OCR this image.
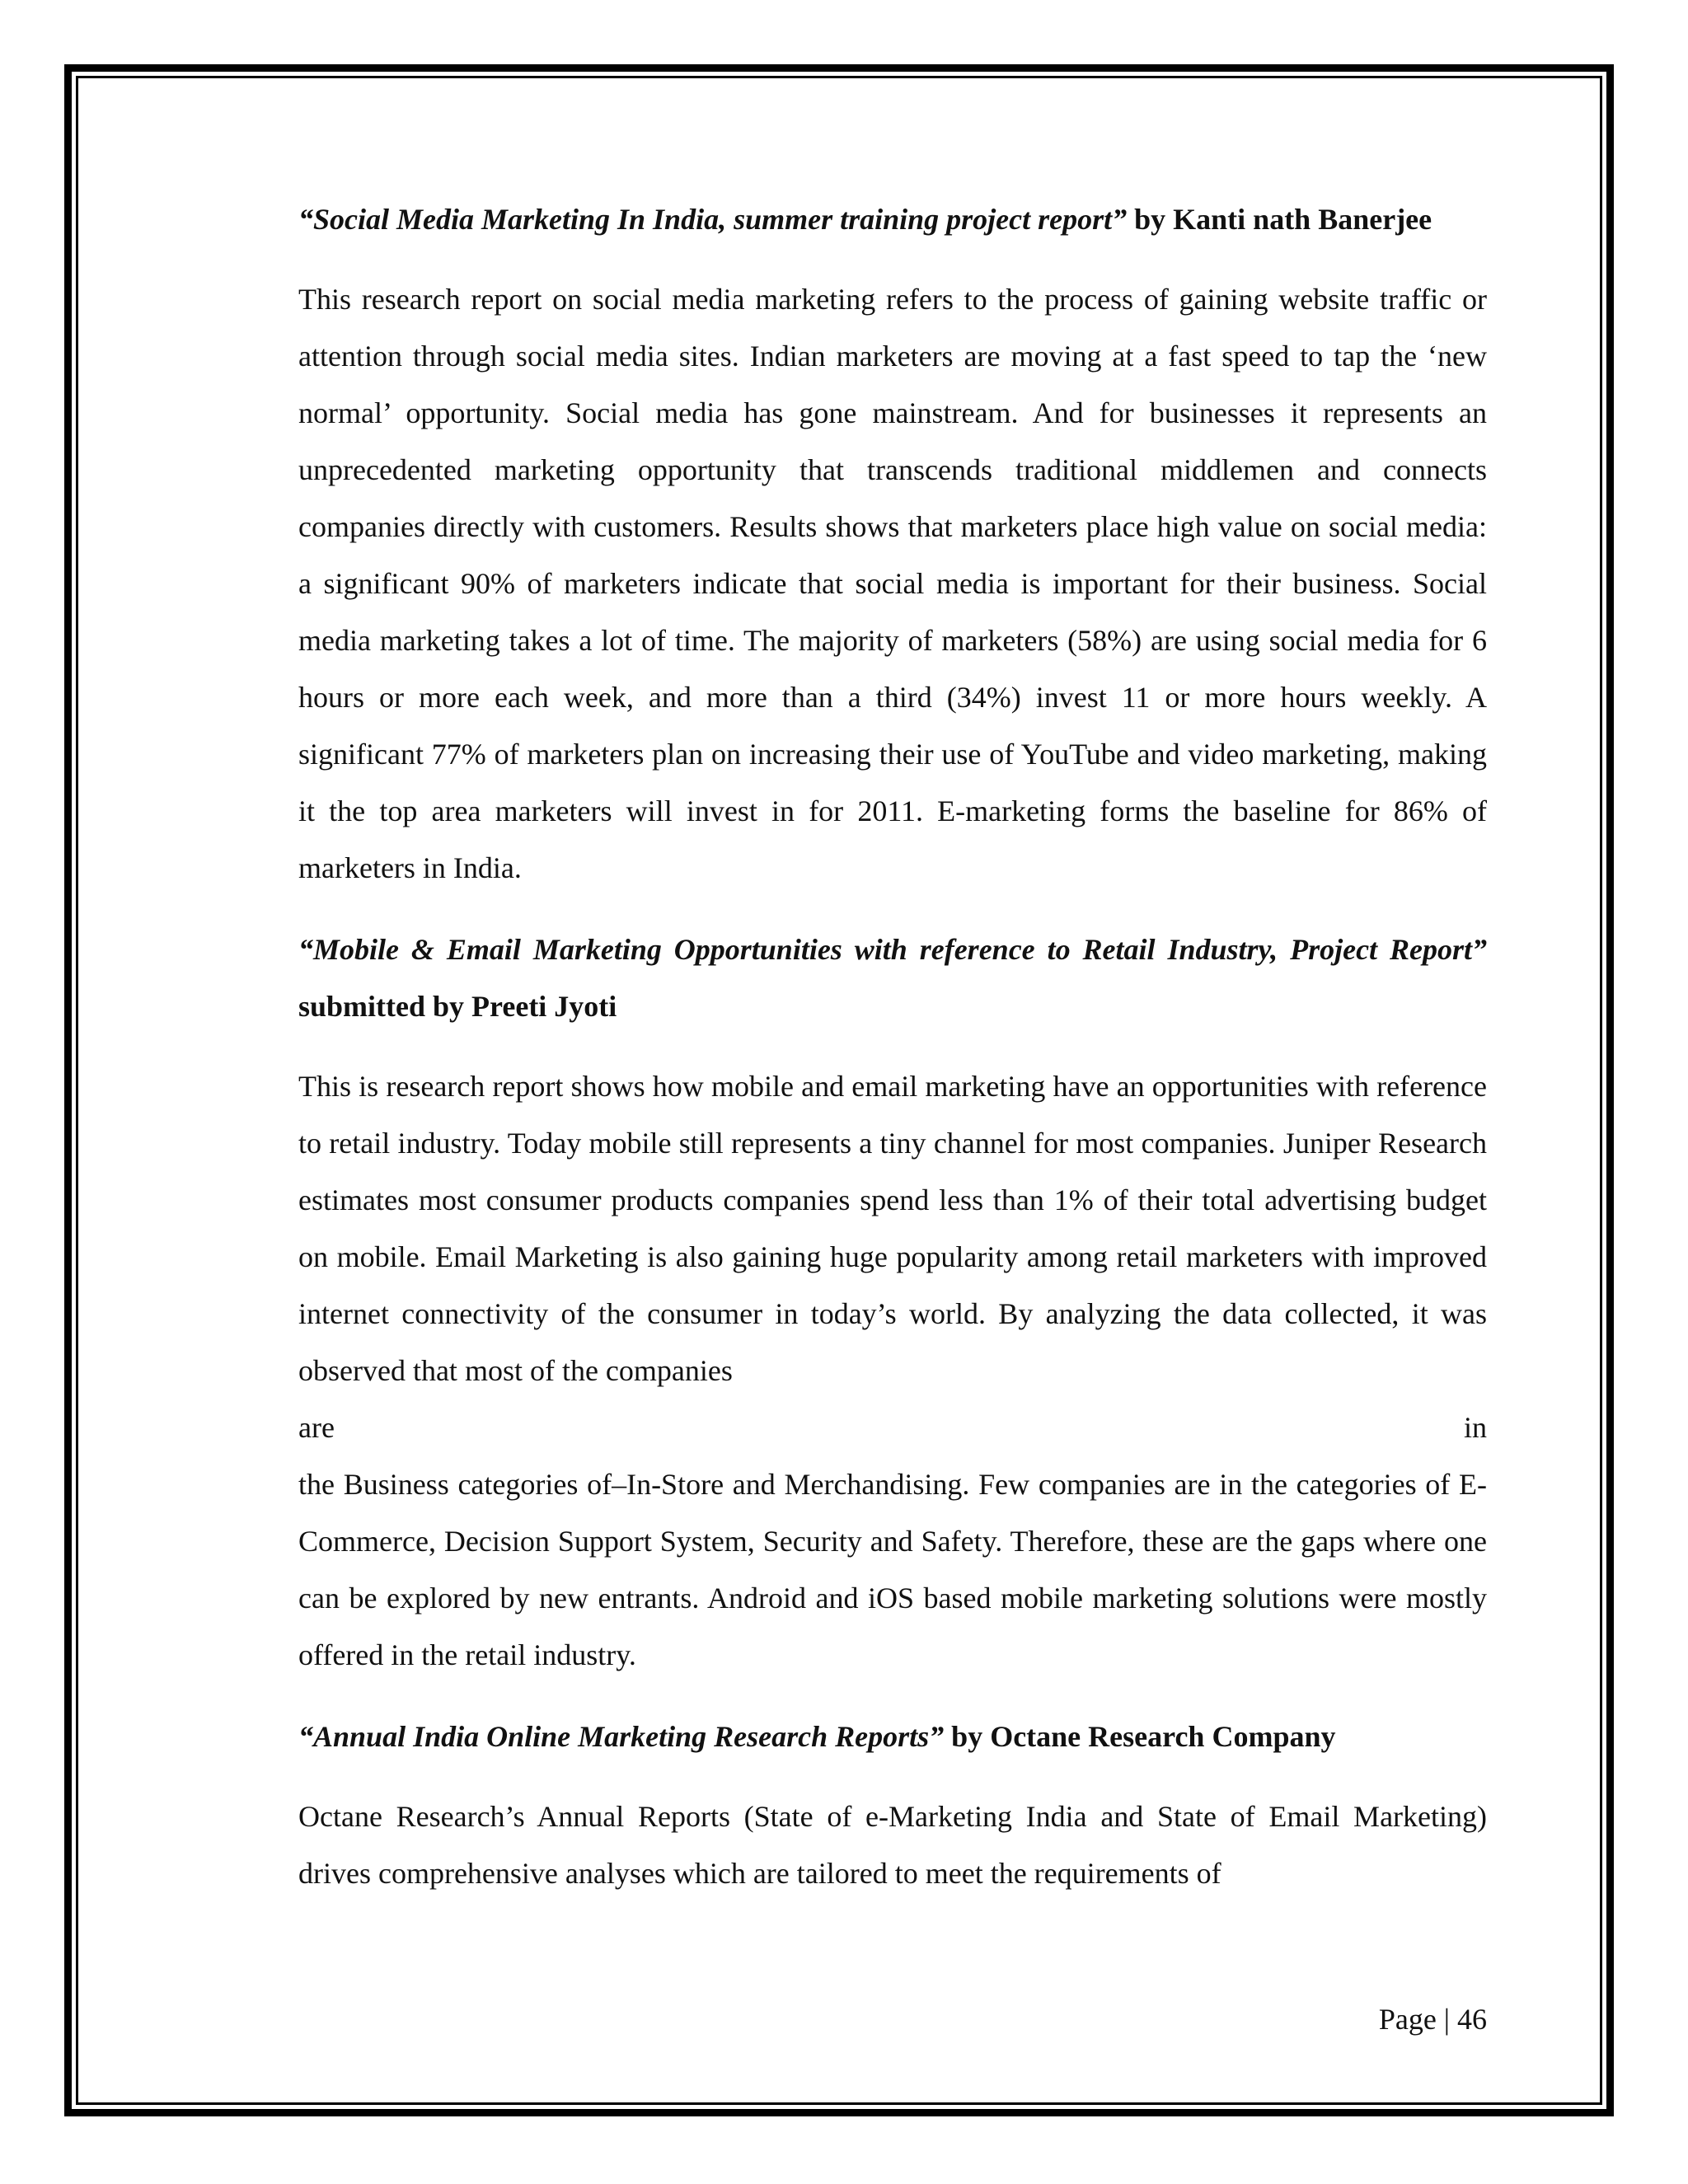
“Social Media Marketing In India, summer training project report” by Kanti nath Banerjee

This research report on social media marketing refers to the process of gaining website traffic or attention through social media sites. Indian marketers are moving at a fast speed to tap the ‘new normal’ opportunity. Social media has gone mainstream. And for businesses it represents an unprecedented marketing opportunity that transcends traditional middlemen and connects companies directly with customers. Results shows that marketers place high value on social media: a significant 90% of marketers indicate that social media is important for their business. Social media marketing takes a lot of time. The majority of marketers (58%) are using social media for 6 hours or more each week, and more than a third (34%) invest 11 or more hours weekly. A significant 77% of marketers plan on increasing their use of YouTube and video marketing, making it the top area marketers will invest in for 2011. E-marketing forms the baseline for 86% of marketers in India.

“Mobile & Email Marketing Opportunities with reference to Retail Industry, Project Report” submitted by Preeti Jyoti

This is research report shows how mobile and email marketing have an opportunities with reference to retail industry. Today mobile still represents a tiny channel for most companies. Juniper Research estimates most consumer products companies spend less than 1% of their total advertising budget on mobile. Email Marketing is also gaining huge popularity among retail marketers with improved internet connectivity of the consumer in today’s world. By analyzing the data collected, it was observed that most of the companies

are	in

the Business categories of–In-Store and Merchandising. Few companies are in the categories of E-Commerce, Decision Support System, Security and Safety. Therefore, these are the gaps where one can be explored by new entrants. Android and iOS based mobile marketing solutions were mostly offered in the retail industry.

“Annual India Online Marketing Research Reports” by Octane Research Company

Octane Research’s Annual Reports (State of e-Marketing India and State of Email Marketing) drives comprehensive analyses which are tailored to meet the requirements of

Page | 46
